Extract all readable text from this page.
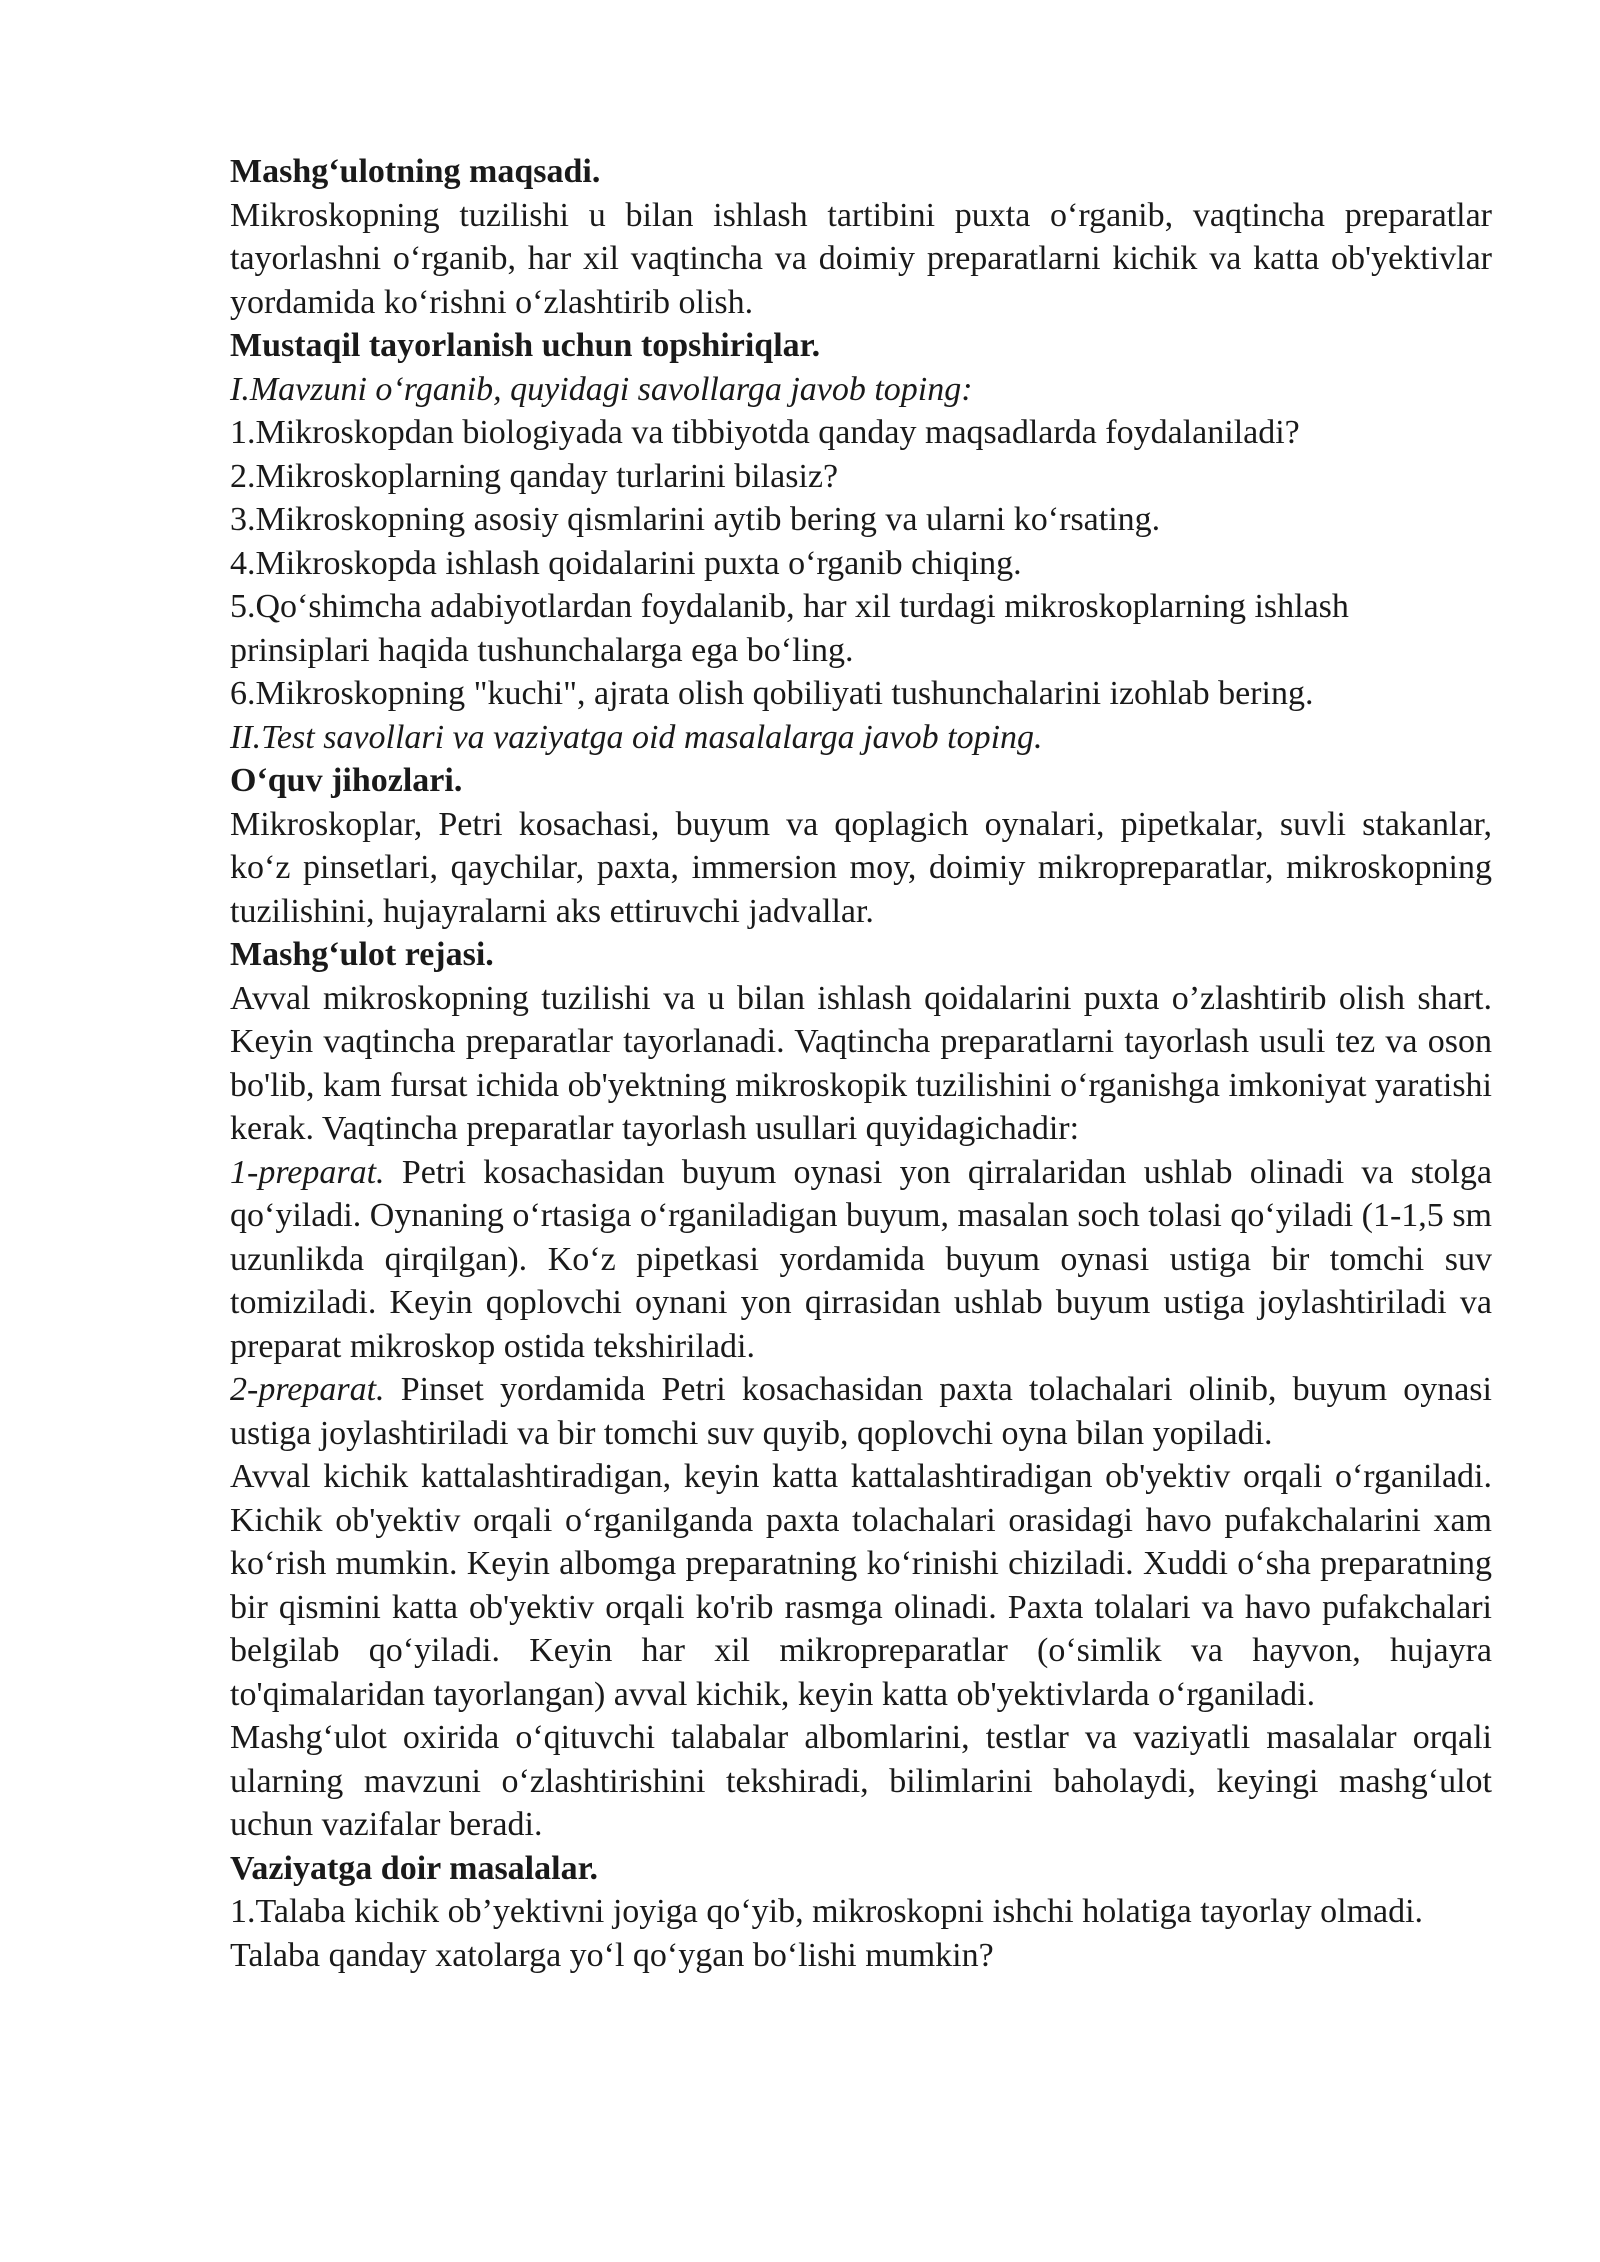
Mashg‘ulotning maqsadi.

Mikroskopning tuzilishi u bilan ishlash tartibini puxta o‘rganib, vaqtincha preparatlar tayorlashni o‘rganib, har xil vaqtincha va doimiy preparatlarni kichik va katta ob'yektivlar yordamida ko‘rishni o‘zlashtirib olish.

Mustaqil tayorlanish uchun topshiriqlar.

I.Mavzuni o‘rganib, quyidagi savollarga javob toping:

1.Mikroskopdan biologiyada va tibbiyotda qanday maqsadlarda foydalaniladi?

2.Mikroskoplarning qanday turlarini bilasiz?

3.Mikroskopning asosiy qismlarini aytib bering va ularni ko‘rsating.

4.Mikroskopda ishlash qoidalarini puxta o‘rganib chiqing.

5.Qo‘shimcha adabiyotlardan foydalanib, har xil turdagi mikroskoplarning ishlash prinsiplari haqida tushunchalarga ega bo‘ling.

6.Mikroskopning "kuchi", ajrata olish qobiliyati tushunchalarini izohlab bering.

II.Test savollari va vaziyatga oid masalalarga javob toping.

O‘quv jihozlari.

Mikroskoplar, Petri kosachasi, buyum va qoplagich oynalari, pipetkalar, suvli stakanlar, ko‘z pinsetlari, qaychilar, paxta, immersion moy, doimiy mikropreparatlar, mikroskopning tuzilishini, hujayralarni aks ettiruvchi jadvallar.

Mashg‘ulot rejasi.

Avval mikroskopning tuzilishi va u bilan ishlash qoidalarini puxta o’zlashtirib olish shart. Keyin vaqtincha preparatlar tayorlanadi. Vaqtincha preparatlarni tayorlash usuli tez va oson bo'lib, kam fursat ichida ob'yektning mikroskopik tuzilishini o‘rganishga imkoniyat yaratishi kerak. Vaqtincha preparatlar tayorlash usullari quyidagichadir:

1-preparat. Petri kosachasidan buyum oynasi yon qirralaridan ushlab olinadi va stolga qo‘yiladi. Oynaning o‘rtasiga o‘rganiladigan buyum, masalan soch tolasi qo‘yiladi (1-1,5 sm uzunlikda qirqilgan). Ko‘z pipetkasi yordamida buyum oynasi ustiga bir tomchi suv tomiziladi. Keyin qoplovchi oynani yon qirrasidan ushlab buyum ustiga joylashtiriladi va preparat mikroskop ostida tekshiriladi.

2-preparat. Pinset yordamida Petri kosachasidan paxta tolachalari olinib, buyum oynasi ustiga joylashtiriladi va bir tomchi suv quyib, qoplovchi oyna bilan yopiladi.

Avval kichik kattalashtiradigan, keyin katta kattalashtiradigan ob'yektiv orqali o‘rganiladi. Kichik ob'yektiv orqali o‘rganilganda paxta tolachalari orasidagi havo pufakchalarini xam ko‘rish mumkin. Keyin albomga preparatning ko‘rinishi chiziladi. Xuddi o‘sha preparatning bir qismini katta ob'yektiv orqali ko'rib rasmga olinadi. Paxta tolalari va havo pufakchalari belgilab qo‘yiladi. Keyin har xil mikropreparatlar (o‘simlik va hayvon, hujayra to'qimalaridan tayorlangan) avval kichik, keyin katta ob'yektivlarda o‘rganiladi.

Mashg‘ulot oxirida o‘qituvchi talabalar albomlarini, testlar va vaziyatli masalalar orqali ularning mavzuni o‘zlashtirishini tekshiradi, bilimlarini baholaydi, keyingi mashg‘ulot uchun vazifalar beradi.

Vaziyatga doir masalalar.

1.Talaba kichik ob’yektivni joyiga qo‘yib, mikroskopni ishchi holatiga tayorlay olmadi. Talaba qanday xatolarga yo‘l qo‘ygan bo‘lishi mumkin?
